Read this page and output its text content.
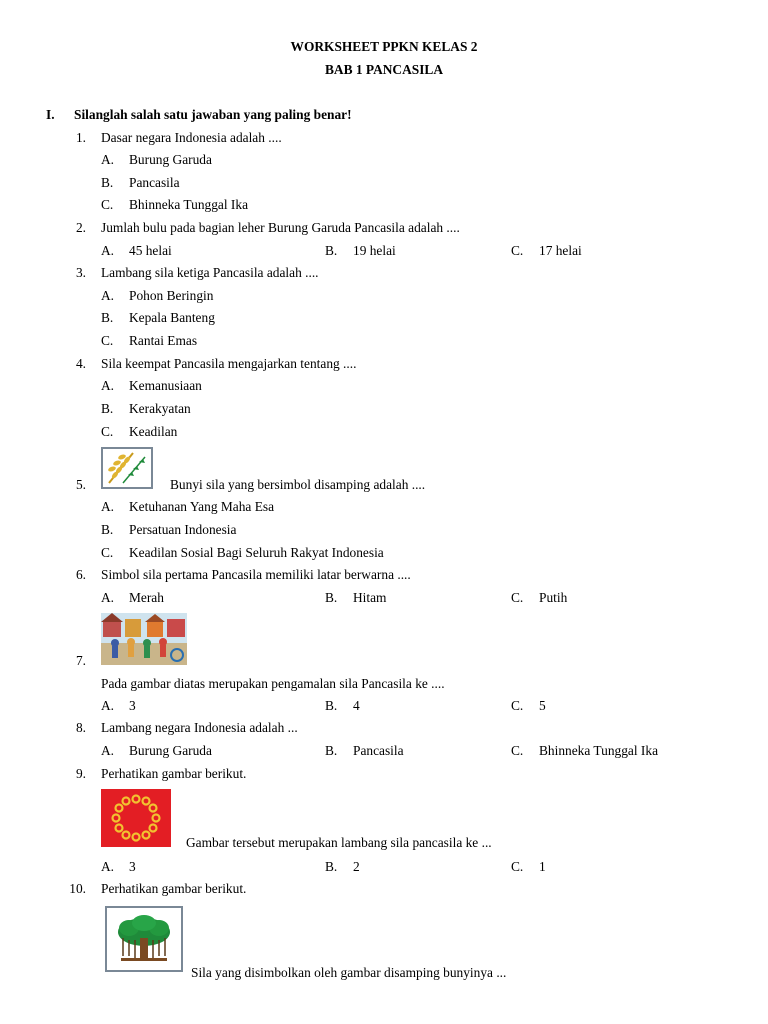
WORKSHEET PPKN KELAS 2
BAB 1 PANCASILA
I. Silanglah salah satu jawaban yang paling benar!
1. Dasar negara Indonesia adalah ....
A. Burung Garuda
B. Pancasila
C. Bhinneka Tunggal Ika
2. Jumlah bulu pada bagian leher Burung Garuda Pancasila adalah ....
A. 45 helai	B. 19 helai	C. 17 helai
3. Lambang sila ketiga Pancasila adalah ....
A. Pohon Beringin
B. Kepala Banteng
C. Rantai Emas
4. Sila keempat Pancasila mengajarkan tentang ....
A. Kemanusiaan
B. Kerakyatan
C. Keadilan
5.	Bunyi sila yang bersimbol disamping adalah ....
A. Ketuhanan Yang Maha Esa
B. Persatuan Indonesia
C. Keadilan Sosial Bagi Seluruh Rakyat Indonesia
6. Simbol sila pertama Pancasila memiliki latar berwarna ....
A. Merah	B. Hitam	C. Putih
7.
Pada gambar diatas merupakan pengamalan sila Pancasila ke ....
A. 3	B. 4	C. 5
8. Lambang negara Indonesia adalah ...
A. Burung Garuda	B. Pancasila	C. Bhinneka Tunggal Ika
9. Perhatikan gambar berikut.
Gambar tersebut merupakan lambang sila pancasila ke ...
A. 3	B. 2	C. 1
10. Perhatikan gambar berikut.
Sila yang disimbolkan oleh gambar disamping bunyinya ...
